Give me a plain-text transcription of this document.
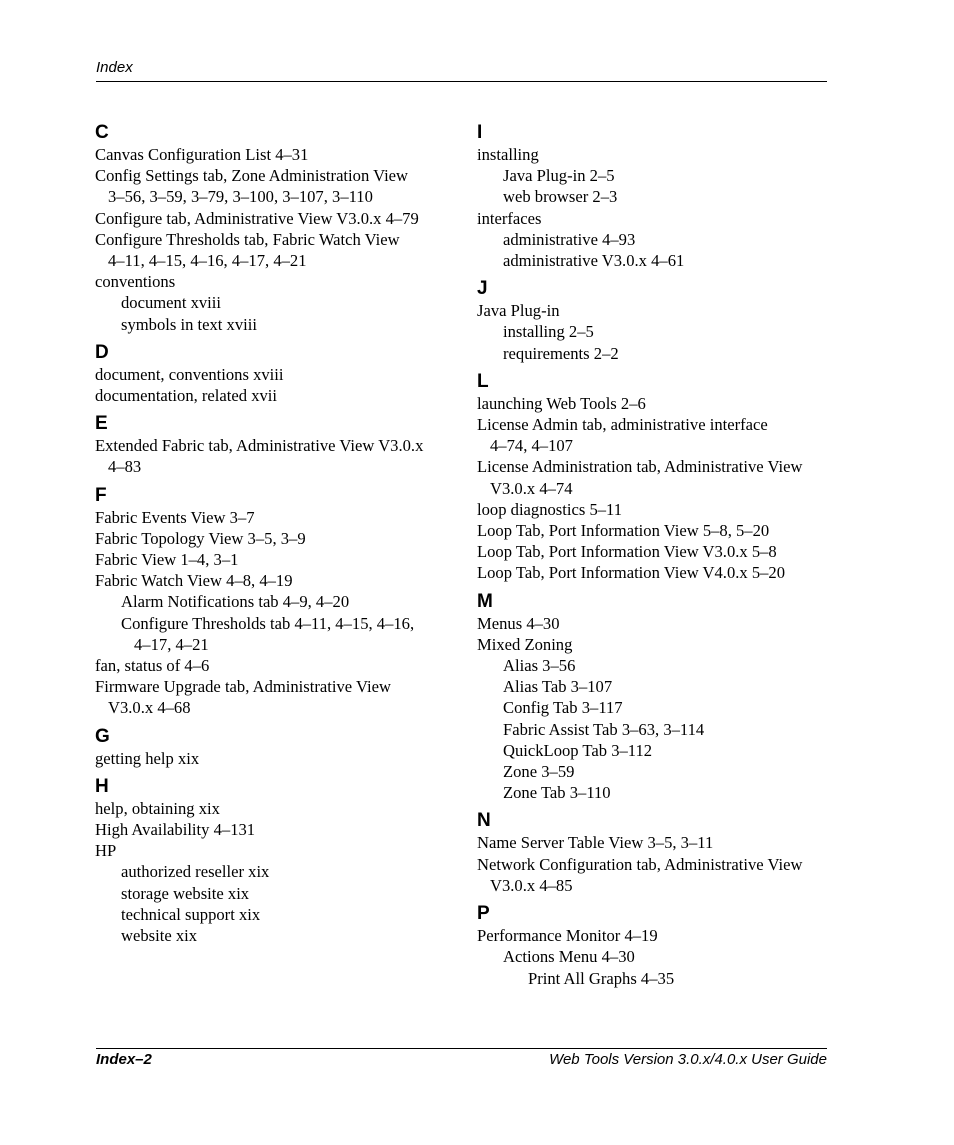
Index
C
Canvas Configuration List 4–31
Config Settings tab, Zone Administration View
3–56, 3–59, 3–79, 3–100, 3–107, 3–110
Configure tab, Administrative View V3.0.x 4–79
Configure Thresholds tab, Fabric Watch View
4–11, 4–15, 4–16, 4–17, 4–21
conventions
document xviii
symbols in text xviii
D
document, conventions xviii
documentation, related xvii
E
Extended Fabric tab, Administrative View V3.0.x
4–83
F
Fabric Events View 3–7
Fabric Topology View 3–5, 3–9
Fabric View 1–4, 3–1
Fabric Watch View 4–8, 4–19
Alarm Notifications tab 4–9, 4–20
Configure Thresholds tab 4–11, 4–15, 4–16,
4–17, 4–21
fan, status of 4–6
Firmware Upgrade tab, Administrative View
V3.0.x 4–68
G
getting help xix
H
help, obtaining xix
High Availability 4–131
HP
authorized reseller xix
storage website xix
technical support xix
website xix
I
installing
Java Plug-in 2–5
web browser 2–3
interfaces
administrative 4–93
administrative V3.0.x 4–61
J
Java Plug-in
installing 2–5
requirements 2–2
L
launching Web Tools 2–6
License Admin tab, administrative interface
4–74, 4–107
License Administration tab, Administrative View
V3.0.x 4–74
loop diagnostics 5–11
Loop Tab, Port Information View 5–8, 5–20
Loop Tab, Port Information View V3.0.x 5–8
Loop Tab, Port Information View V4.0.x 5–20
M
Menus 4–30
Mixed Zoning
Alias 3–56
Alias Tab 3–107
Config Tab 3–117
Fabric Assist Tab 3–63, 3–114
QuickLoop Tab 3–112
Zone 3–59
Zone Tab 3–110
N
Name Server Table View 3–5, 3–11
Network Configuration tab, Administrative View
V3.0.x 4–85
P
Performance Monitor 4–19
Actions Menu 4–30
Print All Graphs 4–35
Index–2	Web Tools Version 3.0.x/4.0.x User Guide
